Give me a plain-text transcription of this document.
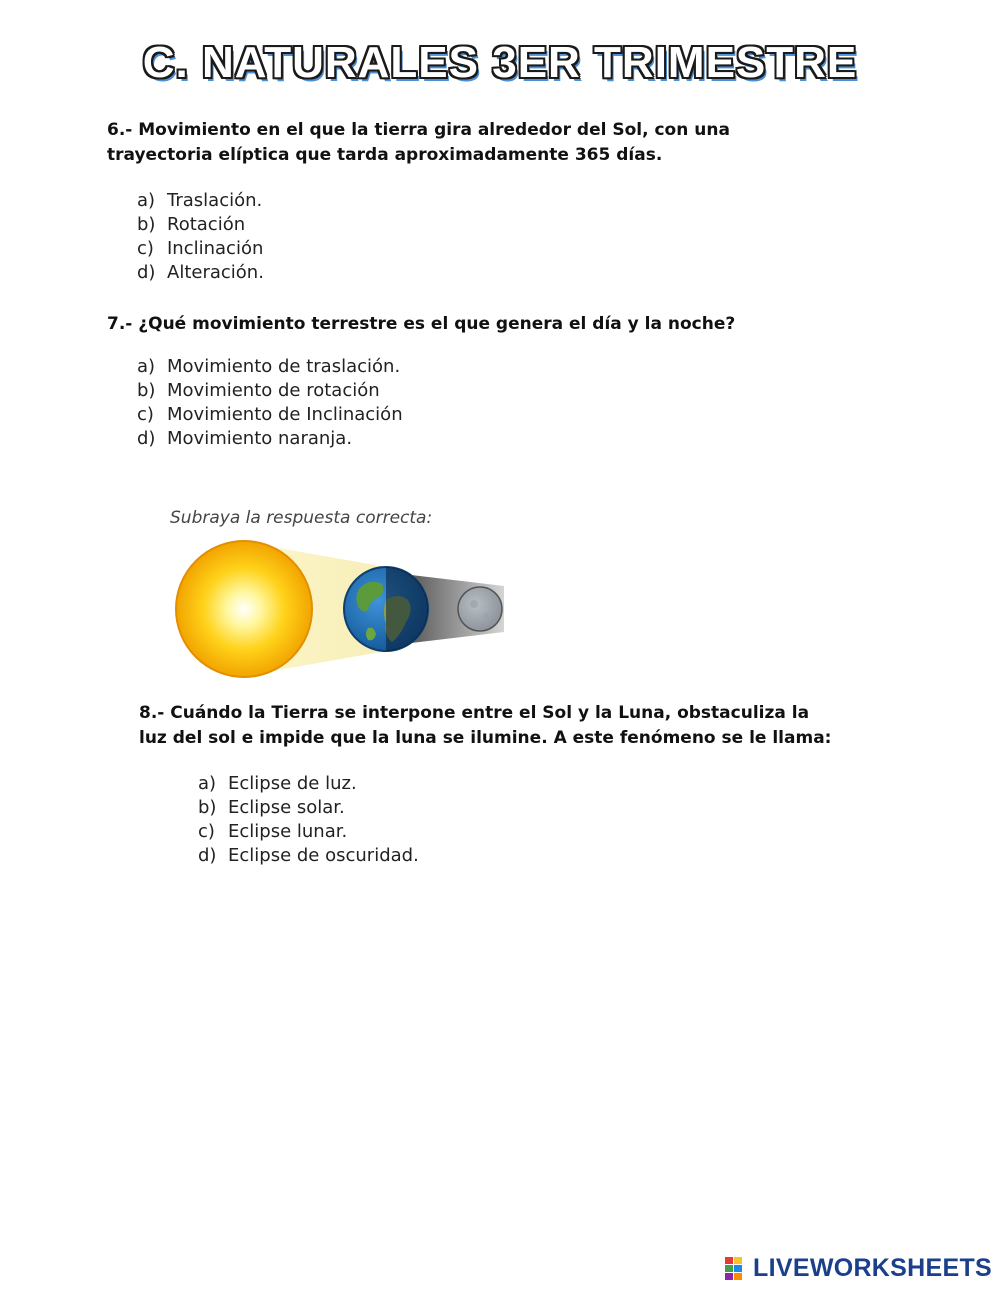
C. NATURALES 3ER TRIMESTRE
6.- Movimiento en el que la tierra gira alrededor del Sol, con una trayectoria elíptica que tarda aproximadamente 365 días.
a) Traslación.
b) Rotación
c) Inclinación
d) Alteración.
7.- ¿Qué movimiento terrestre es el que genera el día y la noche?
a) Movimiento de traslación.
b) Movimiento de rotación
c) Movimiento de Inclinación
d) Movimiento naranja.
Subraya la respuesta correcta:
8.- Cuándo la Tierra se interpone entre el Sol y la Luna, obstaculiza la luz del sol e impide que la luna se ilumine. A este fenómeno se le llama:
a) Eclipse de luz.
b) Eclipse solar.
c) Eclipse lunar.
d) Eclipse de oscuridad.
LIVEWORKSHEETS
